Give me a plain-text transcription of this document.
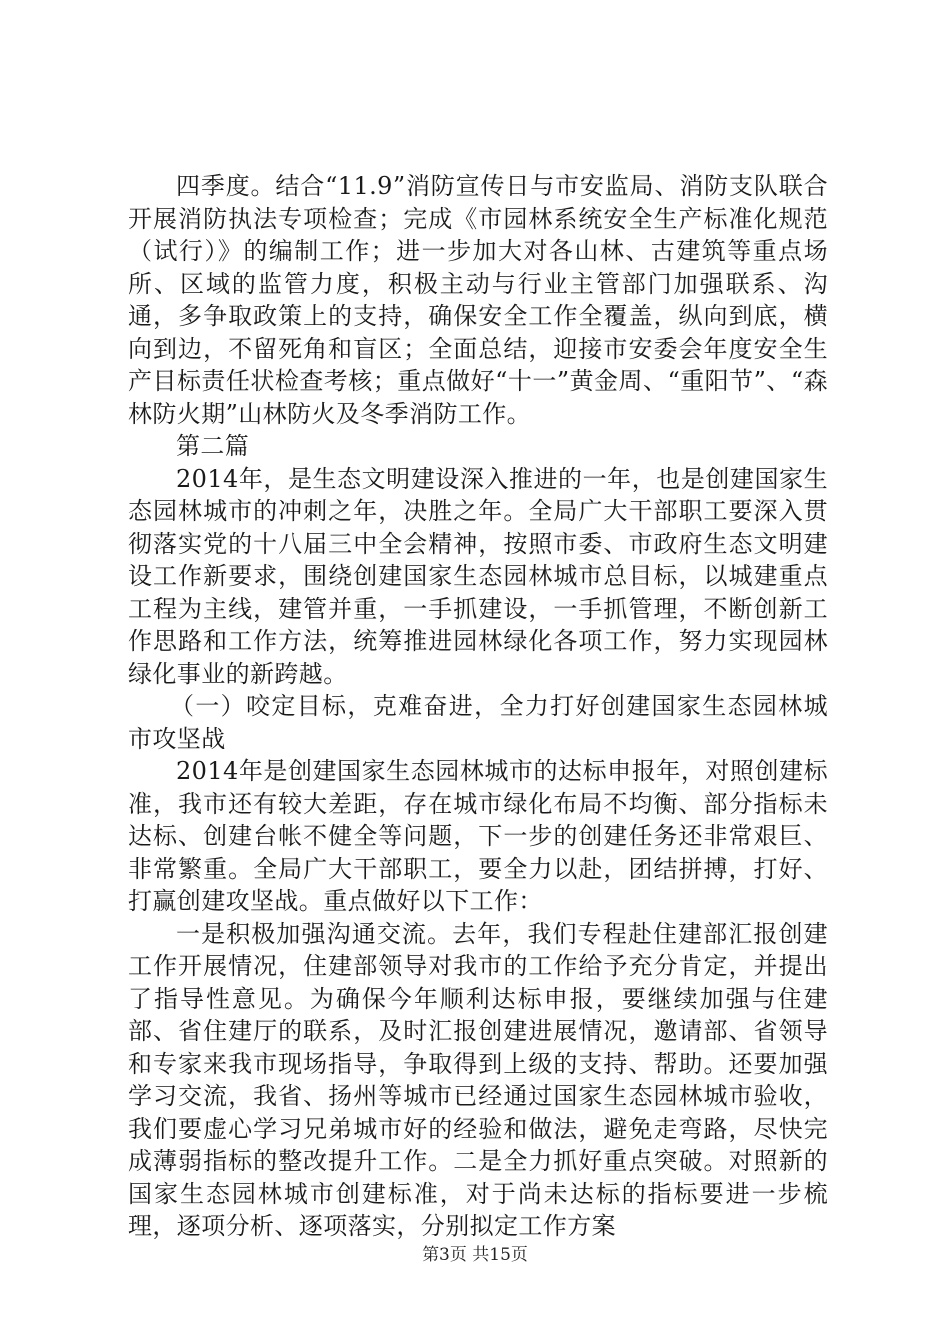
四季度。结合“11.9”消防宣传日与市安监局、消防支队联合开展消防执法专项检查；完成《市园林系统安全生产标准化规范（试行）》的编制工作；进一步加大对各山林、古建筑等重点场所、区域的监管力度，积极主动与行业主管部门加强联系、沟通，多争取政策上的支持，确保安全工作全覆盖，纵向到底，横向到边，不留死角和盲区；全面总结，迎接市安委会年度安全生产目标责任状检查考核；重点做好“十一”黄金周、“重阳节”、“森林防火期”山林防火及冬季消防工作。

第二篇

2014年，是生态文明建设深入推进的一年，也是创建国家生态园林城市的冲刺之年，决胜之年。全局广大干部职工要深入贯彻落实党的十八届三中全会精神，按照市委、市政府生态文明建设工作新要求，围绕创建国家生态园林城市总目标，以城建重点工程为主线，建管并重，一手抓建设，一手抓管理，不断创新工作思路和工作方法，统筹推进园林绿化各项工作，努力实现园林绿化事业的新跨越。

（一）咬定目标，克难奋进，全力打好创建国家生态园林城市攻坚战

2014年是创建国家生态园林城市的达标申报年，对照创建标准，我市还有较大差距，存在城市绿化布局不均衡、部分指标未达标、创建台帐不健全等问题，下一步的创建任务还非常艰巨、非常繁重。全局广大干部职工，要全力以赴，团结拼搏，打好、打赢创建攻坚战。重点做好以下工作：

一是积极加强沟通交流。去年，我们专程赴住建部汇报创建工作开展情况，住建部领导对我市的工作给予充分肯定，并提出了指导性意见。为确保今年顺利达标申报，要继续加强与住建部、省住建厅的联系，及时汇报创建进展情况，邀请部、省领导和专家来我市现场指导，争取得到上级的支持、帮助。还要加强学习交流，我省、扬州等城市已经通过国家生态园林城市验收，我们要虚心学习兄弟城市好的经验和做法，避免走弯路，尽快完成薄弱指标的整改提升工作。二是全力抓好重点突破。对照新的国家生态园林城市创建标准，对于尚未达标的指标要进一步梳理，逐项分析、逐项落实，分别拟定工作方案

第3页 共15页
